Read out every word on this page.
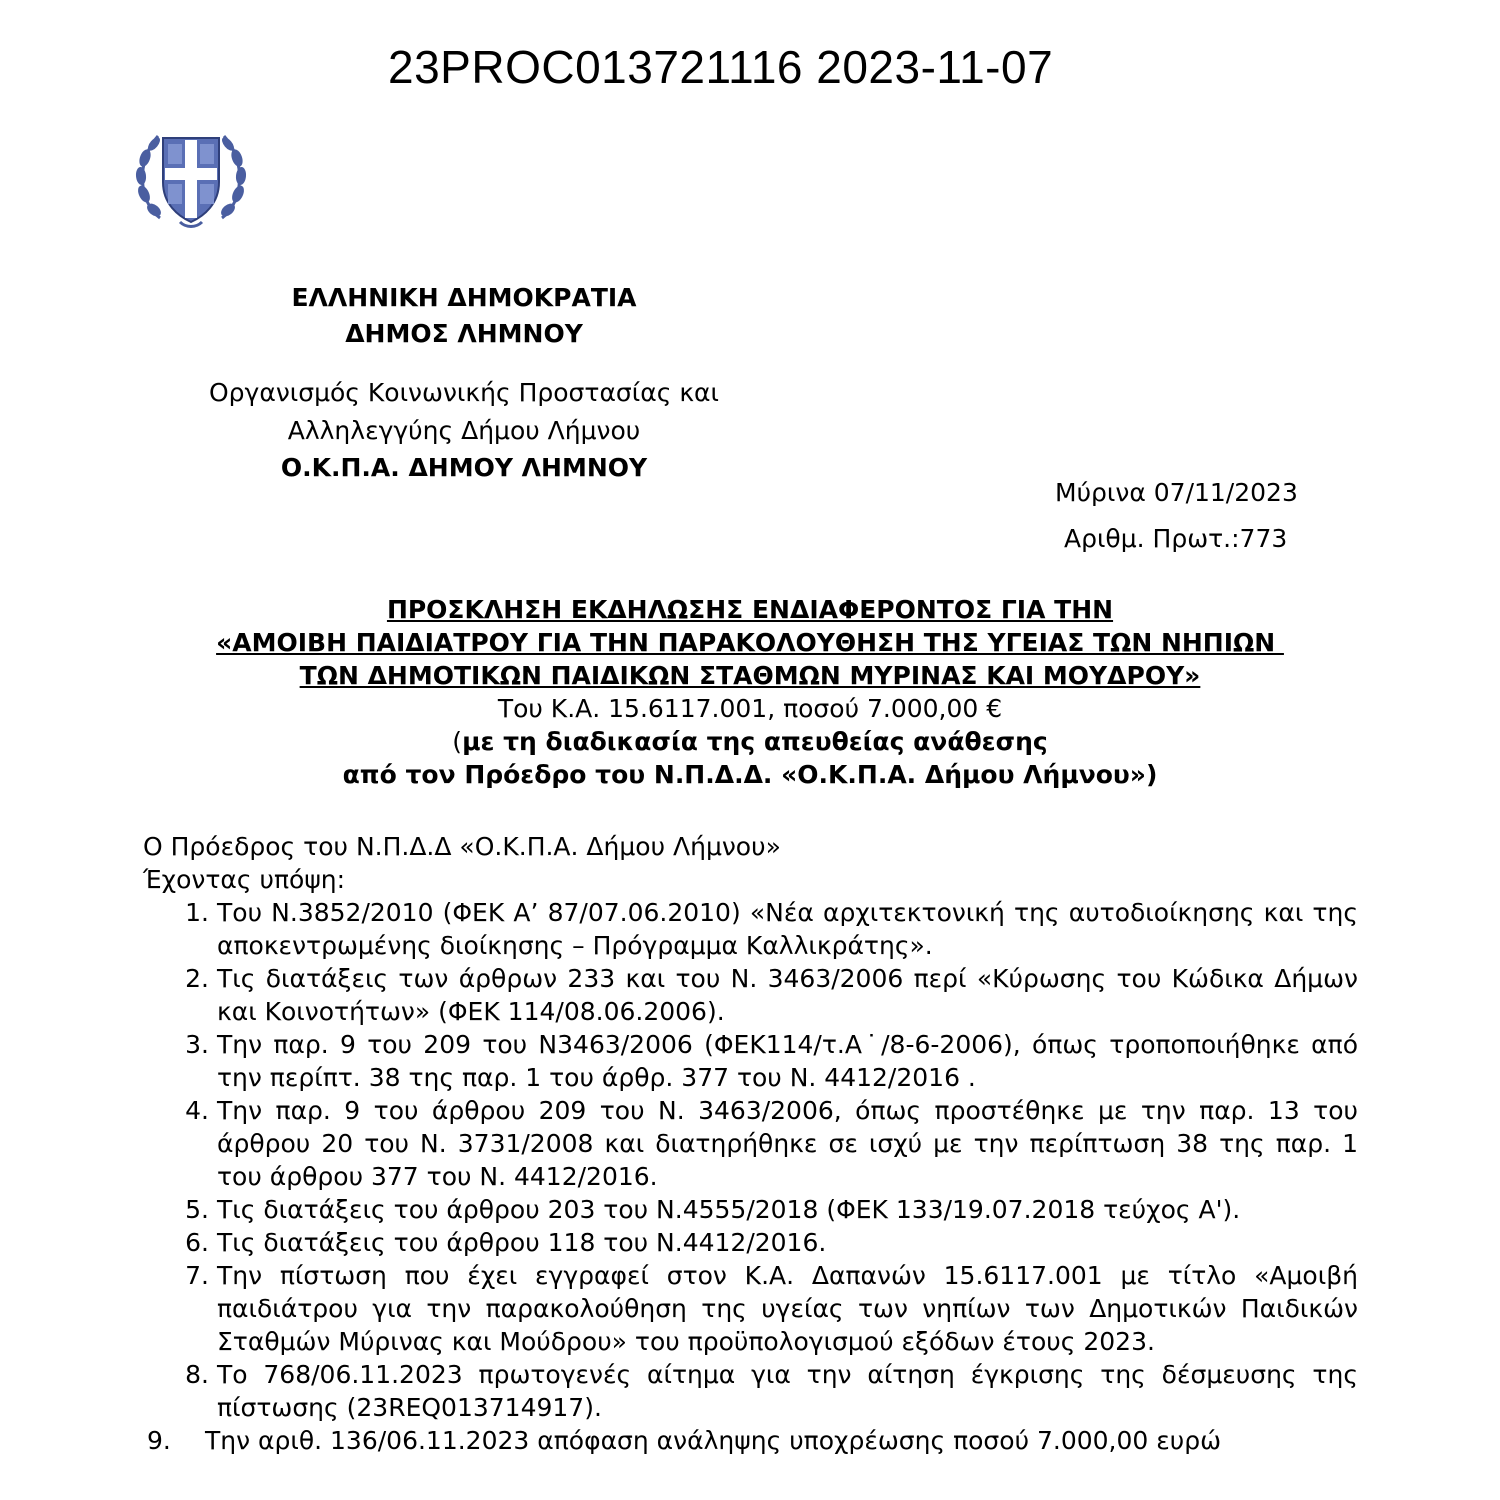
23PROC013721116 2023-11-07
ΕΛΛΗΝΙΚΗ ΔΗΜΟΚΡΑΤΙΑ
ΔΗΜΟΣ ΛΗΜΝΟΥ
Οργανισμός Κοινωνικής Προστασίας και
Αλληλεγγύης Δήμου Λήμνου
Ο.Κ.Π.Α. ΔΗΜΟΥ ΛΗΜΝΟΥ
Μύρινα 07/11/2023
Αριθμ. Πρωτ.:773
ΠΡΟΣΚΛΗΣΗ ΕΚΔΗΛΩΣΗΣ ΕΝΔΙΑΦΕΡΟΝΤΟΣ ΓΙΑ ΤΗΝ
«ΑΜΟΙΒΗ ΠΑΙΔΙΑΤΡΟΥ ΓΙΑ ΤΗΝ ΠΑΡΑΚΟΛΟΥΘΗΣΗ ΤΗΣ ΥΓΕΙΑΣ ΤΩΝ ΝΗΠΙΩΝ
ΤΩΝ ΔΗΜΟΤΙΚΩΝ ΠΑΙΔΙΚΩΝ ΣΤΑΘΜΩΝ ΜΥΡΙΝΑΣ ΚΑΙ ΜΟΥΔΡΟΥ»
Του Κ.Α. 15.6117.001, ποσού 7.000,00 €
(με τη διαδικασία της απευθείας ανάθεσης
από τον Πρόεδρο του Ν.Π.Δ.Δ. «Ο.Κ.Π.Α. Δήμου Λήμνου»)
Ο Πρόεδρος του Ν.Π.Δ.Δ «Ο.Κ.Π.Α. Δήμου Λήμνου»
Έχοντας υπόψη:
1. Του Ν.3852/2010 (ΦΕΚ Α’ 87/07.06.2010) «Νέα αρχιτεκτονική της αυτοδιοίκησης και της αποκεντρωμένης διοίκησης – Πρόγραμμα Καλλικράτης».
2. Τις διατάξεις των άρθρων 233 και του Ν. 3463/2006 περί «Κύρωσης του Κώδικα Δήμων και Κοινοτήτων» (ΦΕΚ 114/08.06.2006).
3. Την παρ. 9 του 209 του Ν3463/2006 (ΦΕΚ114/τ.Α˙/8-6-2006), όπως τροποποιήθηκε από την περίπτ. 38 της παρ. 1 του άρθρ. 377 του Ν. 4412/2016 .
4. Την παρ. 9 του άρθρου 209 του Ν. 3463/2006, όπως προστέθηκε με την παρ. 13 του άρθρου 20 του Ν. 3731/2008 και διατηρήθηκε σε ισχύ με την περίπτωση 38 της παρ. 1 του άρθρου 377 του Ν. 4412/2016.
5. Τις διατάξεις του άρθρου 203 του Ν.4555/2018 (ΦΕΚ 133/19.07.2018 τεύχος Α').
6. Τις διατάξεις του άρθρου 118 του Ν.4412/2016.
7. Την πίστωση που έχει εγγραφεί στον Κ.Α. Δαπανών 15.6117.001 με τίτλο «Αμοιβή παιδιάτρου για την παρακολούθηση της υγείας των νηπίων των Δημοτικών Παιδικών Σταθμών Μύρινας και Μούδρου» του προϋπολογισμού εξόδων έτους 2023.
8. Το 768/06.11.2023 πρωτογενές αίτημα για την αίτηση έγκρισης της δέσμευσης της πίστωσης (23REQ013714917).
9.	Την αριθ. 136/06.11.2023 απόφαση ανάληψης υποχρέωσης ποσού 7.000,00 ευρώ
